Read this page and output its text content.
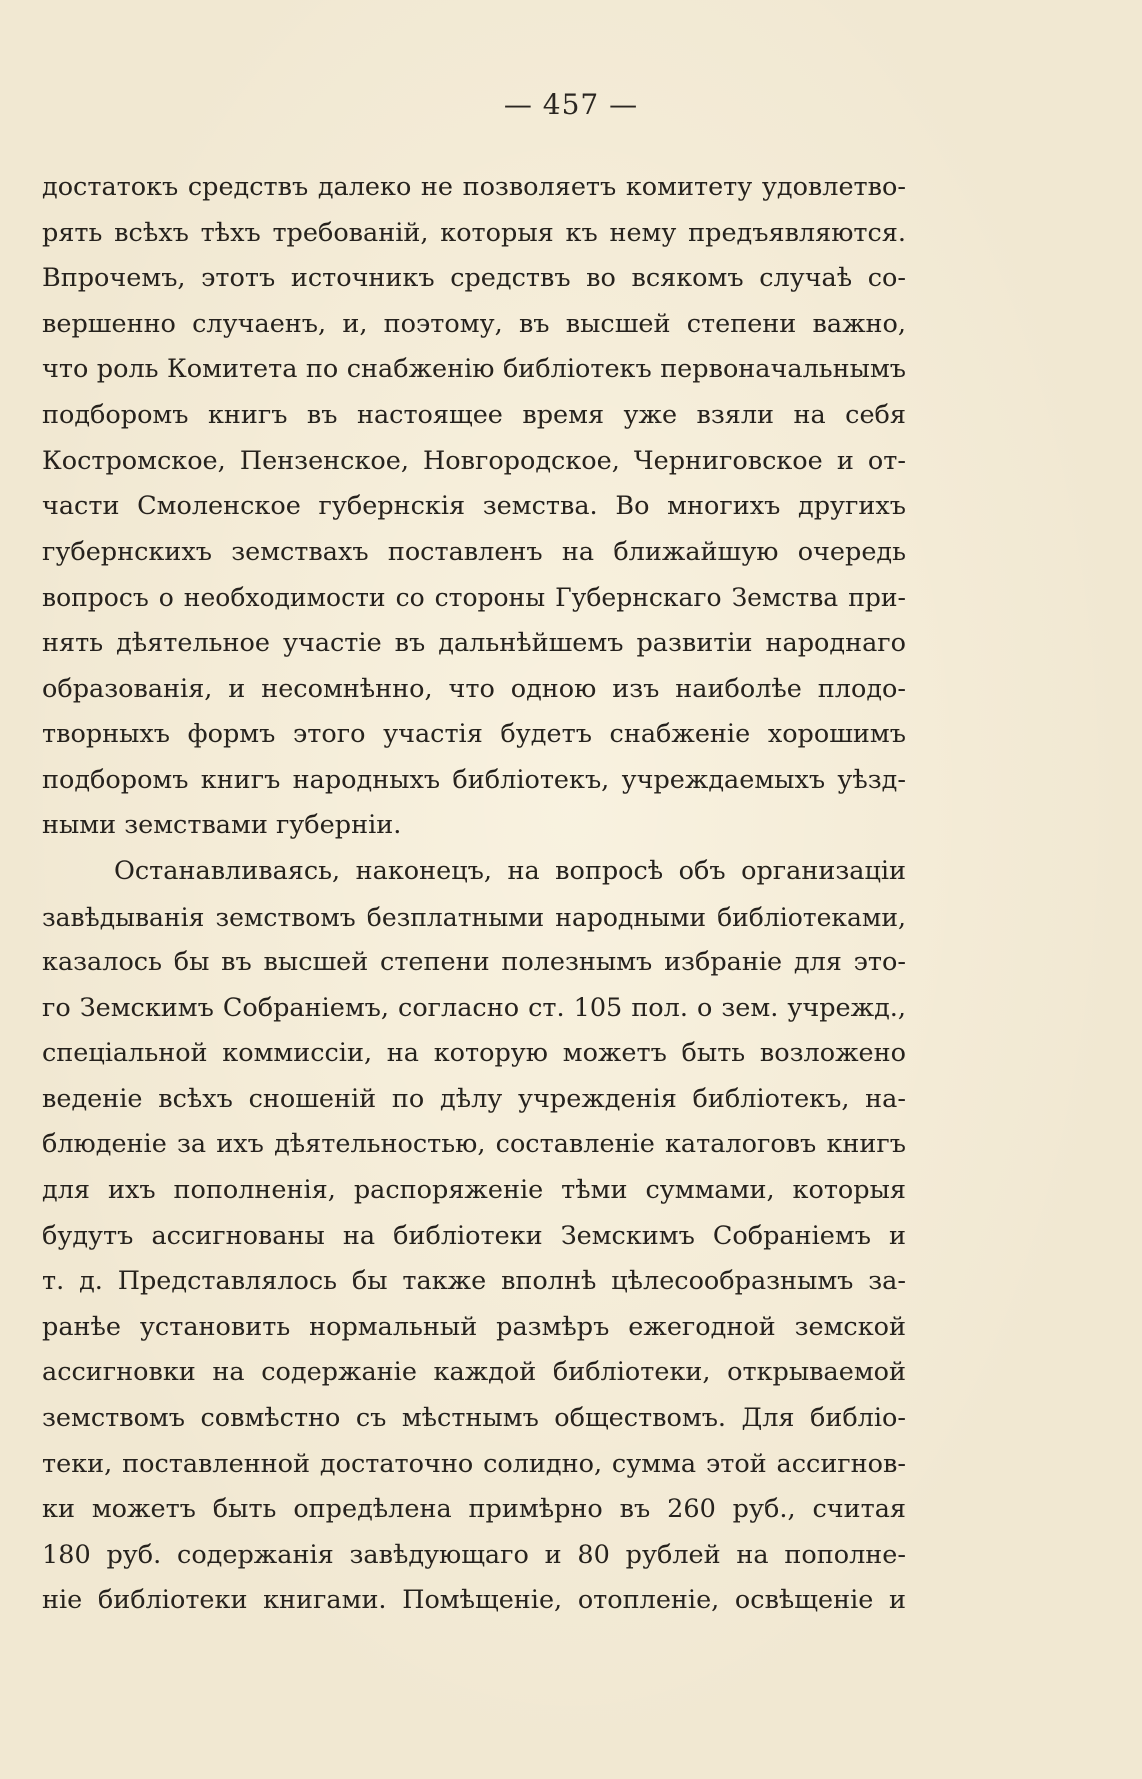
— 457 —
достатокъ средствъ далеко не позволяетъ комитету удовлетво-
рять всѣхъ тѣхъ требованій, которыя къ нему предъявляются.
Впрочемъ, этотъ источникъ средствъ во всякомъ случаѣ со-
вершенно случаенъ, и, поэтому, въ высшей степени важно,
что роль Комитета по снабженію библіотекъ первоначальнымъ
подборомъ книгъ въ настоящее время уже взяли на себя
Костромское, Пензенское, Новгородское, Черниговское и от-
части Смоленское губернскія земства. Во многихъ другихъ
губернскихъ земствахъ поставленъ на ближайшую очередь
вопросъ о необходимости со стороны Губернскаго Земства при-
нять дѣятельное участіе въ дальнѣйшемъ развитіи народнаго
образованія, и несомнѣнно, что одною изъ наиболѣе плодо-
творныхъ формъ этого участія будетъ снабженіе хорошимъ
подборомъ книгъ народныхъ библіотекъ, учреждаемыхъ уѣзд-
ными земствами губерніи.
Останавливаясь, наконецъ, на вопросѣ объ организаціи
завѣдыванія земствомъ безплатными народными библіотеками,
казалось бы въ высшей степени полезнымъ избраніе для это-
го Земскимъ Собраніемъ, согласно ст. 105 пол. о зем. учрежд.,
спеціальной коммиссіи, на которую можетъ быть возложено
веденіе всѣхъ сношеній по дѣлу учрежденія библіотекъ, на-
блюденіе за ихъ дѣятельностью, составленіе каталоговъ книгъ
для ихъ пополненія, распоряженіе тѣми суммами, которыя
будутъ ассигнованы на библіотеки Земскимъ Собраніемъ и
т. д. Представлялось бы также вполнѣ цѣлесообразнымъ за-
ранѣе установить нормальный размѣръ ежегодной земской
ассигновки на содержаніе каждой библіотеки, открываемой
земствомъ совмѣстно съ мѣстнымъ обществомъ. Для библіо-
теки, поставленной достаточно солидно, сумма этой ассигнов-
ки можетъ быть опредѣлена примѣрно въ 260 руб., считая
180 руб. содержанія завѣдующаго и 80 рублей на пополне-
ніе библіотеки книгами. Помѣщеніе, отопленіе, освѣщеніе и
